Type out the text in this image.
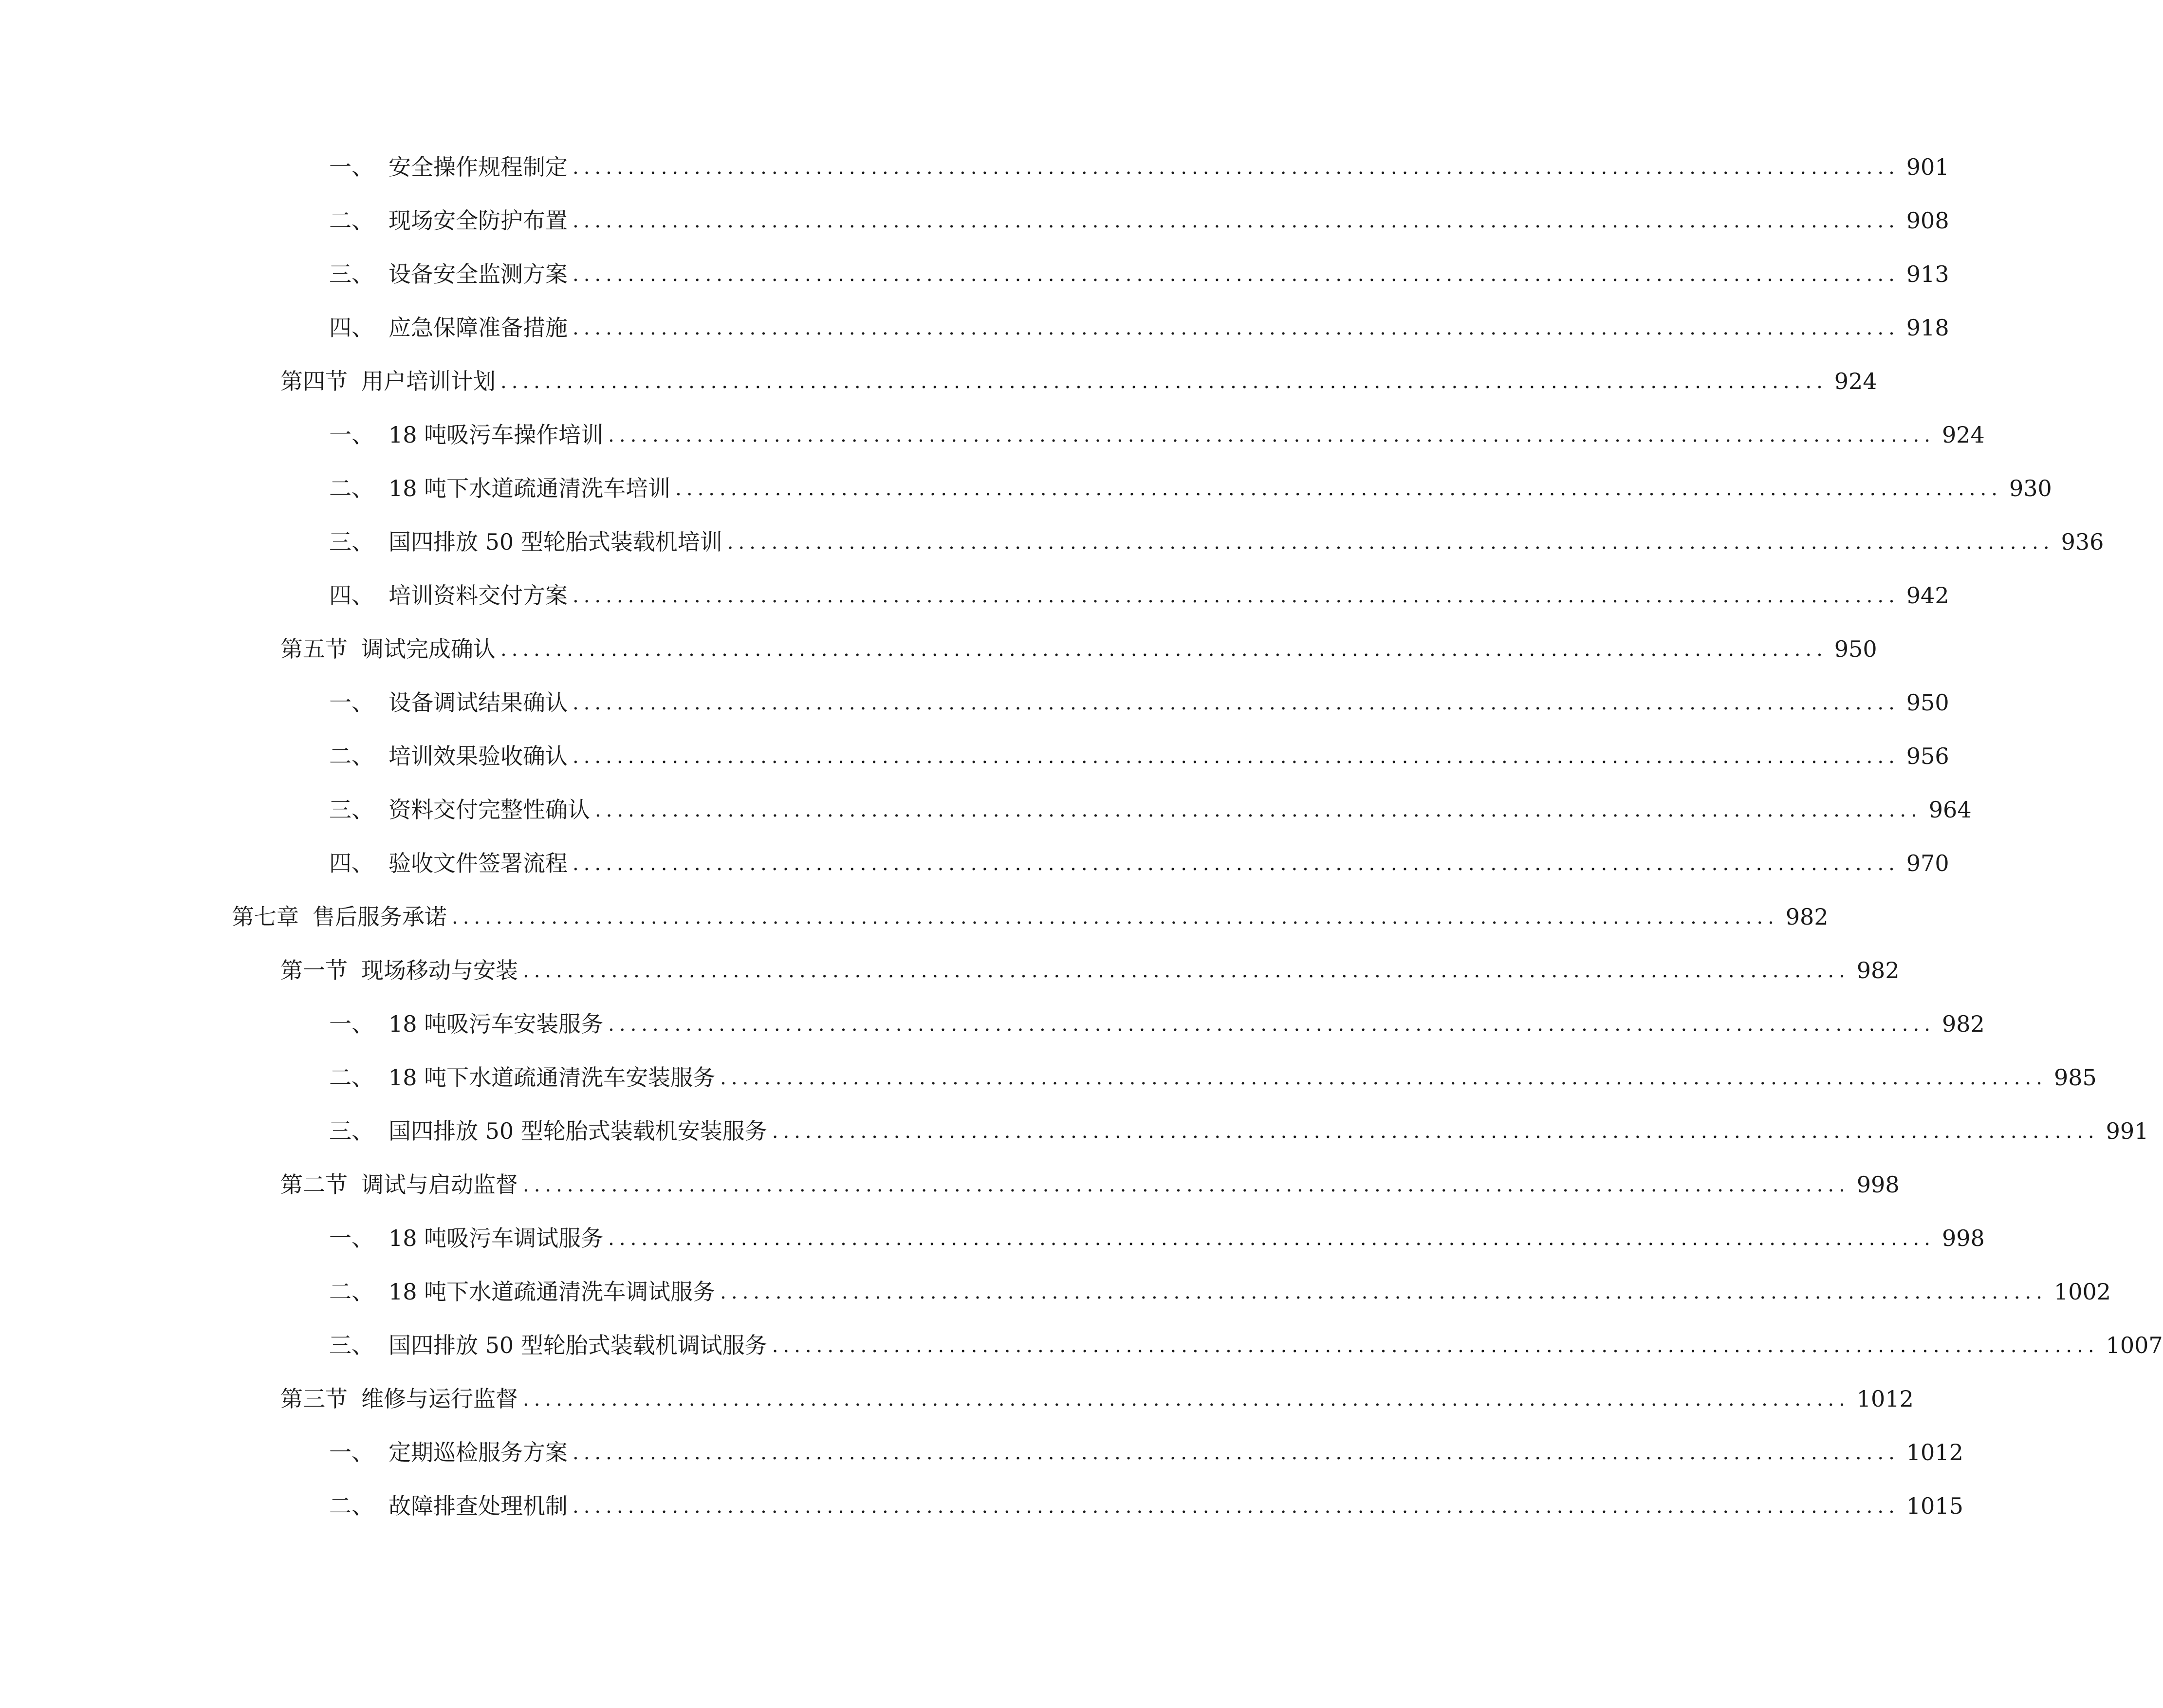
一、 安全操作规程制定 ........................................................................................................................ 901
二、 现场安全防护布置 ........................................................................................................................ 908
三、 设备安全监测方案 ........................................................................................................................ 913
四、 应急保障准备措施 ........................................................................................................................ 918
第四节 用户培训计划 ........................................................................................................................ 924
一、 18 吨吸污车操作培训 ........................................................................................................................ 924
二、 18 吨下水道疏通清洗车培训 ........................................................................................................................ 930
三、 国四排放 50 型轮胎式装载机培训 ........................................................................................................................ 936
四、 培训资料交付方案 ........................................................................................................................ 942
第五节 调试完成确认 ........................................................................................................................ 950
一、 设备调试结果确认 ........................................................................................................................ 950
二、 培训效果验收确认 ........................................................................................................................ 956
三、 资料交付完整性确认 ........................................................................................................................ 964
四、 验收文件签署流程 ........................................................................................................................ 970
第七章 售后服务承诺 ........................................................................................................................ 982
第一节 现场移动与安装 ........................................................................................................................ 982
一、 18 吨吸污车安装服务 ........................................................................................................................ 982
二、 18 吨下水道疏通清洗车安装服务 ........................................................................................................................ 985
三、 国四排放 50 型轮胎式装载机安装服务 ........................................................................................................................ 991
第二节 调试与启动监督 ........................................................................................................................ 998
一、 18 吨吸污车调试服务 ........................................................................................................................ 998
二、 18 吨下水道疏通清洗车调试服务 ........................................................................................................................ 1002
三、 国四排放 50 型轮胎式装载机调试服务 ........................................................................................................................ 1007
第三节 维修与运行监督 ........................................................................................................................ 1012
一、 定期巡检服务方案 ........................................................................................................................ 1012
二、 故障排查处理机制 ........................................................................................................................ 1015
